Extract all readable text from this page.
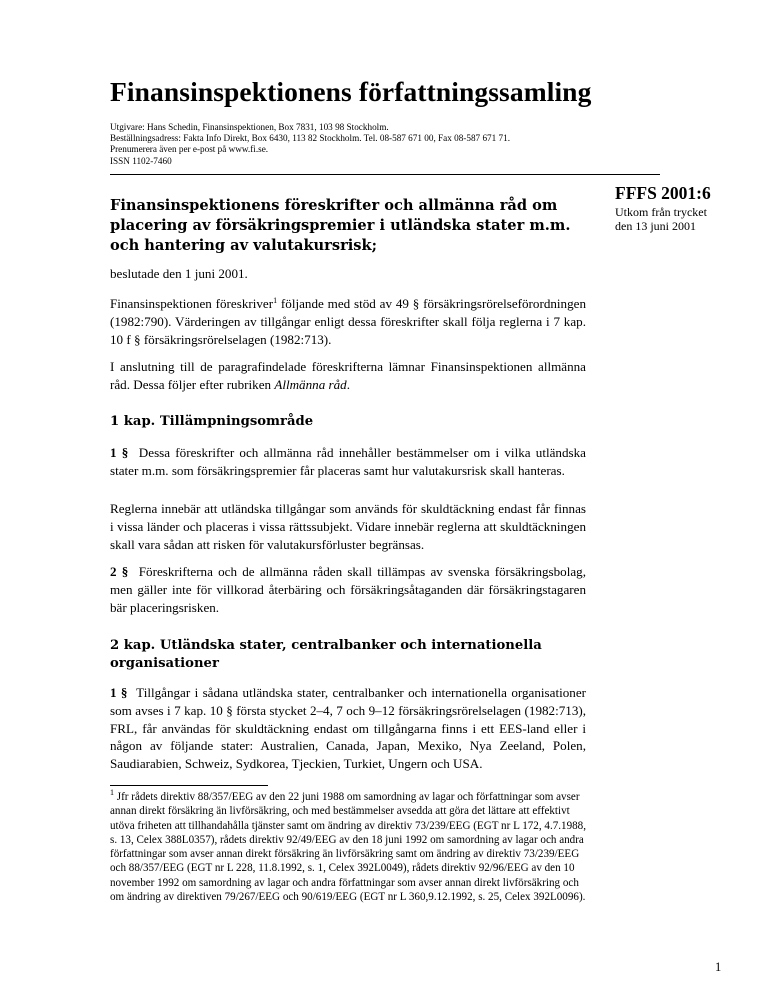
Finansinspektionens författningssamling
Utgivare: Hans Schedin, Finansinspektionen, Box 7831, 103 98 Stockholm.
Beställningsadress: Fakta Info Direkt, Box 6430, 113 82 Stockholm. Tel. 08-587 671 00, Fax 08-587 671 71.
Prenumerera även per e-post på www.fi.se.
ISSN 1102-7460
FFFS 2001:6
Utkom från trycket
den 13 juni 2001
Finansinspektionens föreskrifter och allmänna råd om placering av försäkringspremier i utländska stater m.m. och hantering av valutakursrisk;
beslutade den 1 juni 2001.

Finansinspektionen föreskriver$^1$ följande med stöd av 49 § försäkringsrörelseförordningen (1982:790). Värderingen av tillgångar enligt dessa föreskrifter skall följa reglerna i 7 kap. 10 f § försäkringsrörelselagen (1982:713).

I anslutning till de paragrafindelade föreskrifterna lämnar Finansinspektionen allmänna råd. Dessa följer efter rubriken Allmänna råd.

1 kap. Tillämpningsområde

1 § Dessa föreskrifter och allmänna råd innehåller bestämmelser om i vilka utländska stater m.m. som försäkringspremier får placeras samt hur valutakursrisk skall hanteras.

Reglerna innebär att utländska tillgångar som används för skuldtäckning endast får finnas i vissa länder och placeras i vissa rättssubjekt. Vidare innebär reglerna att skuldtäckningen skall vara sådan att risken för valutakursförluster begränsas.

2 § Föreskrifterna och de allmänna råden skall tillämpas av svenska försäkringsbolag, men gäller inte för villkorad återbäring och försäkringsåtaganden där försäkringstagaren bär placeringsrisken.

2 kap. Utländska stater, centralbanker och internationella organisationer

1 § Tillgångar i sådana utländska stater, centralbanker och internationella organisationer som avses i 7 kap. 10 § första stycket 2–4, 7 och 9–12 försäkringsrörelselagen (1982:713), FRL, får användas för skuldtäckning endast om tillgångarna finns i ett EES-land eller i någon av följande stater: Australien, Canada, Japan, Mexiko, Nya Zeeland, Polen, Saudiarabien, Schweiz, Sydkorea, Tjeckien, Turkiet, Ungern och USA.

$^1$ Jfr rådets direktiv 88/357/EEG av den 22 juni 1988 om samordning av lagar och författningar som avser annan direkt försäkring än livförsäkring, och med bestämmelser avsedda att göra det lättare att effektivt utöva friheten att tillhandahålla tjänster samt om ändring av direktiv 73/239/EEG (EGT nr L 172, 4.7.1988, s. 13, Celex 388L0357), rådets direktiv 92/49/EEG av den 18 juni 1992 om samordning av lagar och andra författningar som avser annan direkt försäkring än livförsäkring samt om ändring av direktiv 73/239/EEG och 88/357/EEG (EGT nr L 228, 11.8.1992, s. 1, Celex 392L0049), rådets direktiv 92/96/EEG av den 10 november 1992 om samordning av lagar och andra författningar som avser annan direkt livförsäkring och om ändring av direktiven 79/267/EEG och 90/619/EEG (EGT nr L 360,9.12.1992, s. 25, Celex 392L0096).
1
